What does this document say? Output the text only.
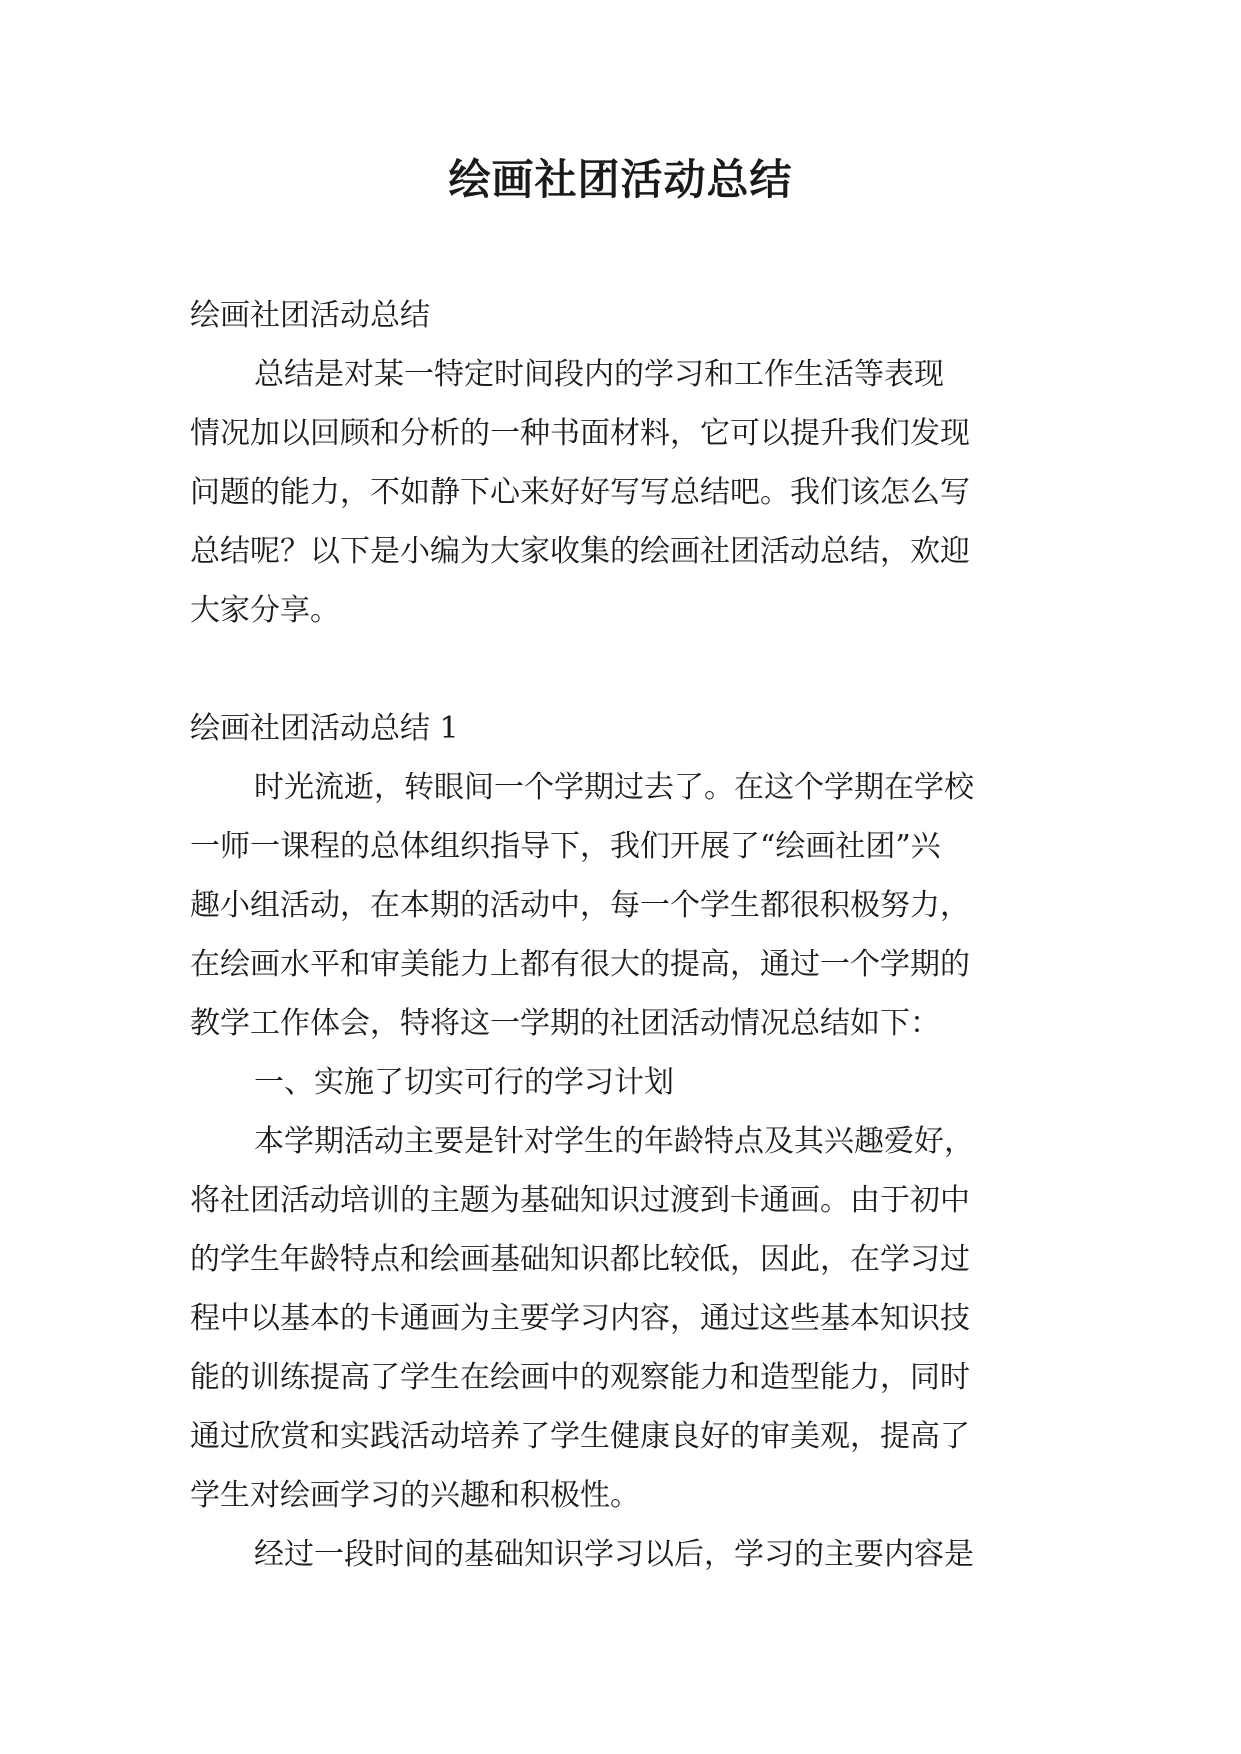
绘画社团活动总结
绘画社团活动总结
总结是对某一特定时间段内的学习和工作生活等表现
情况加以回顾和分析的一种书面材料，它可以提升我们发现
问题的能力，不如静下心来好好写写总结吧。我们该怎么写
总结呢？以下是小编为大家收集的绘画社团活动总结，欢迎
大家分享。
绘画社团活动总结 1
时光流逝，转眼间一个学期过去了。在这个学期在学校
一师一课程的总体组织指导下，我们开展了“绘画社团”兴
趣小组活动，在本期的活动中，每一个学生都很积极努力，
在绘画水平和审美能力上都有很大的提高，通过一个学期的
教学工作体会，特将这一学期的社团活动情况总结如下：
一、实施了切实可行的学习计划
本学期活动主要是针对学生的年龄特点及其兴趣爱好，
将社团活动培训的主题为基础知识过渡到卡通画。由于初中
的学生年龄特点和绘画基础知识都比较低，因此，在学习过
程中以基本的卡通画为主要学习内容，通过这些基本知识技
能的训练提高了学生在绘画中的观察能力和造型能力，同时
通过欣赏和实践活动培养了学生健康良好的审美观，提高了
学生对绘画学习的兴趣和积极性。
经过一段时间的基础知识学习以后，学习的主要内容是
